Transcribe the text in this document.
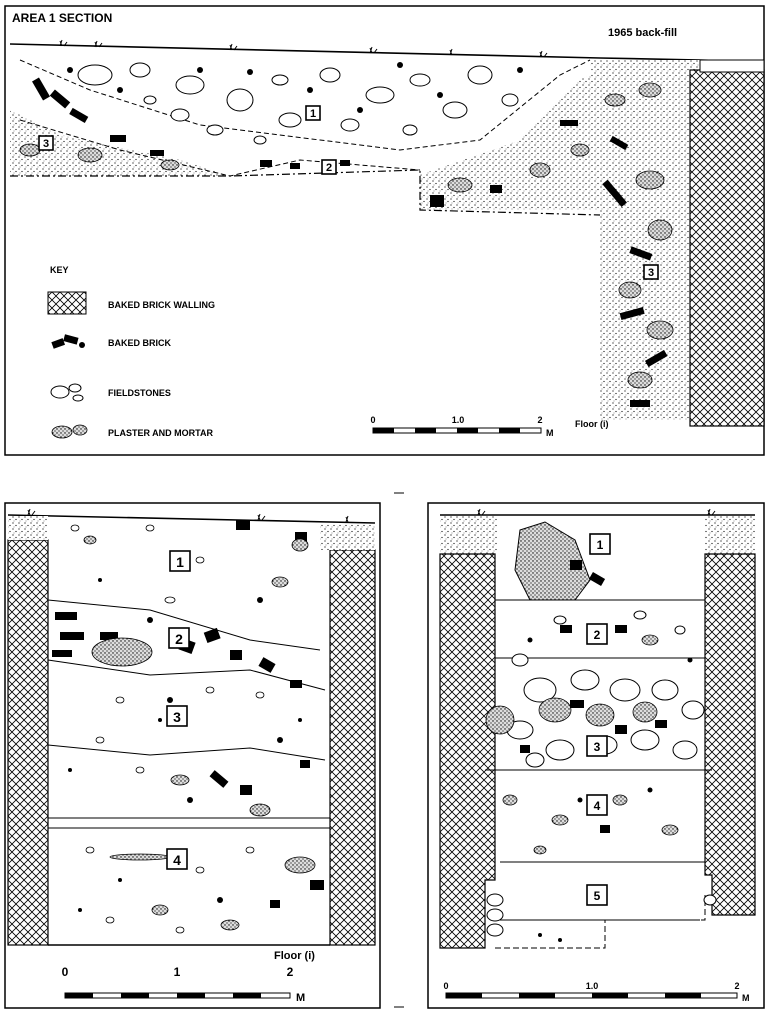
AREA 1 SECTION
1965 back-fill
1
2
3
3
KEY
BAKED BRICK WALLING
BAKED BRICK
FIELDSTONES
PLASTER AND MORTAR
0	1.0	2
M
Floor (i)
1
2
3
4
Floor (i)
0	1	2
M
1
2
3
4
5
0	1.0	2
M
